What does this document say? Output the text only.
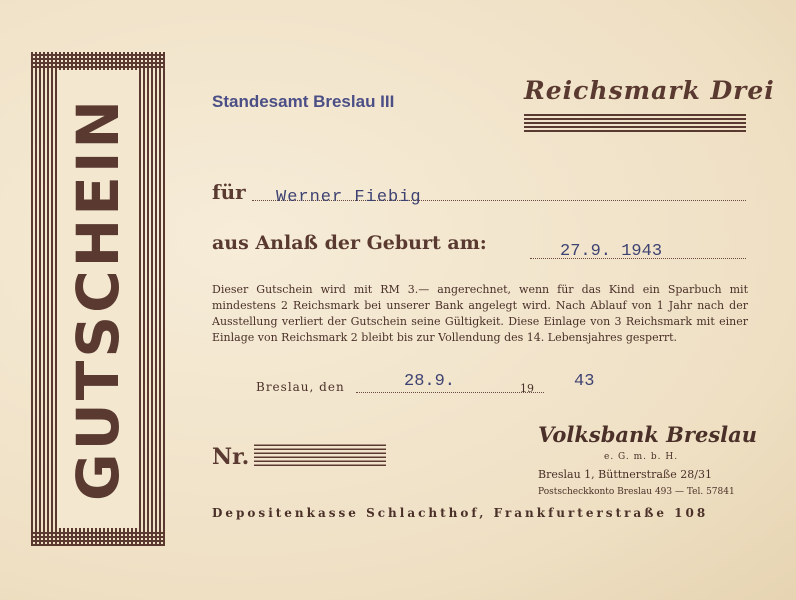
GUTSCHEIN	Standesamt Breslau III	Reichsmark Drei
für Werner Fiebig
aus Anlaß der Geburt am:	27.9. 1943
Dieser Gutschein wird mit RM 3.— angerechnet, wenn für das Kind ein Sparbuch mit mindestens 2 Reichsmark bei unserer Bank angelegt wird. Nach Ablauf von 1 Jahr nach der Ausstellung verliert der Gutschein seine Gültigkeit. Diese Einlage von 3 Reichsmark mit einer Einlage von Reichsmark 2 bleibt bis zur Vollendung des 14. Lebensjahres gesperrt.
Breslau, den	28.9.	19 43
Nr.
Volksbank Breslau
e. G. m. b. H.
Breslau 1, Büttnerstraße 28/31
Postscheckkonto Breslau 493 — Tel. 57841
Depositenkasse Schlachthof, Frankfurterstraße 108
